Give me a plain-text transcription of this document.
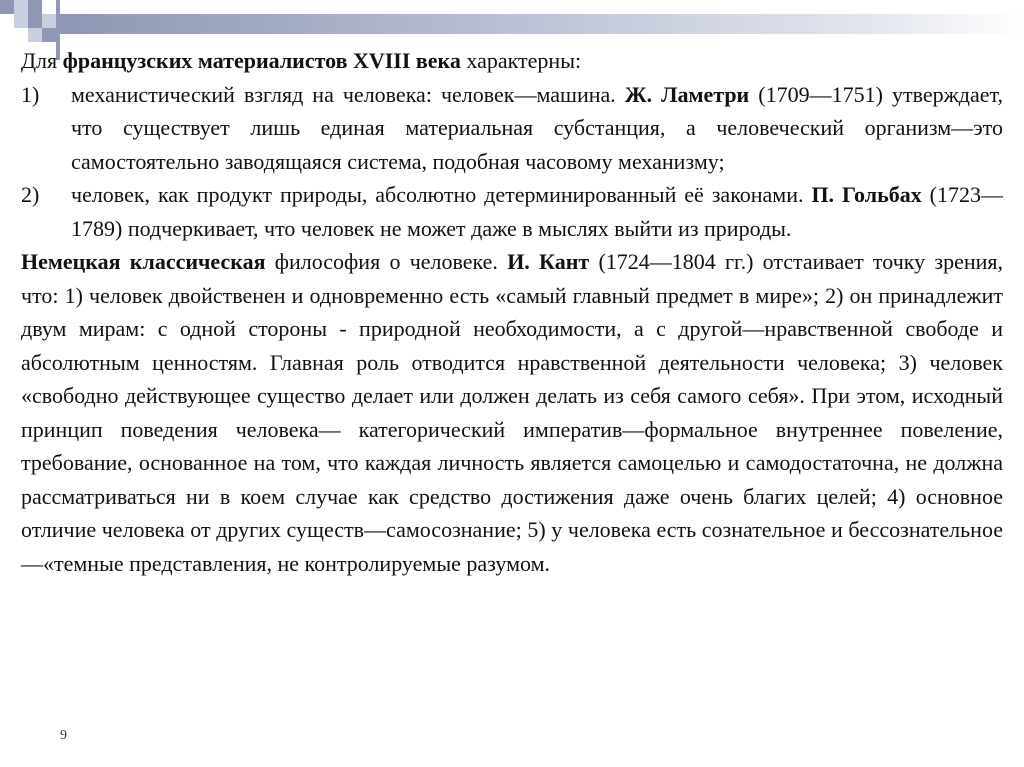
Для французских материалистов XVIII века характерны:

1) механистический взгляд на человека: человек—машина. Ж. Ламетри (1709—1751) утверждает, что существует лишь единая материальная субстанция, а человеческий организм—это самостоятельно заводящаяся система, подобная часовому механизму;

2) человек, как продукт природы, абсолютно детерминированный её законами. П. Гольбах (1723—1789) подчеркивает, что человек не может даже в мыслях выйти из природы.

Немецкая классическая философия о человеке. И. Кант (1724—1804 гг.) отстаивает точку зрения, что: 1) человек двойственен и одновременно есть «самый главный предмет в мире»; 2) он принадлежит двум мирам: с одной стороны - природной необходимости, а с другой—нравственной свободе и абсолютным ценностям. Главная роль отводится нравственной деятельности человека; 3) человек «свободно действующее существо делает или должен делать из себя самого себя». При этом, исходный принцип поведения человека— категорический императив—формальное внутреннее повеление, требование, основанное на том, что каждая личность является самоцелью и самодостаточна, не должна рассматриваться ни в коем случае как средство достижения даже очень благих целей; 4) основное отличие человека от других существ—самосознание; 5) у человека есть сознательное и бессознательное—«темные представления, не контролируемые разумом.

9
